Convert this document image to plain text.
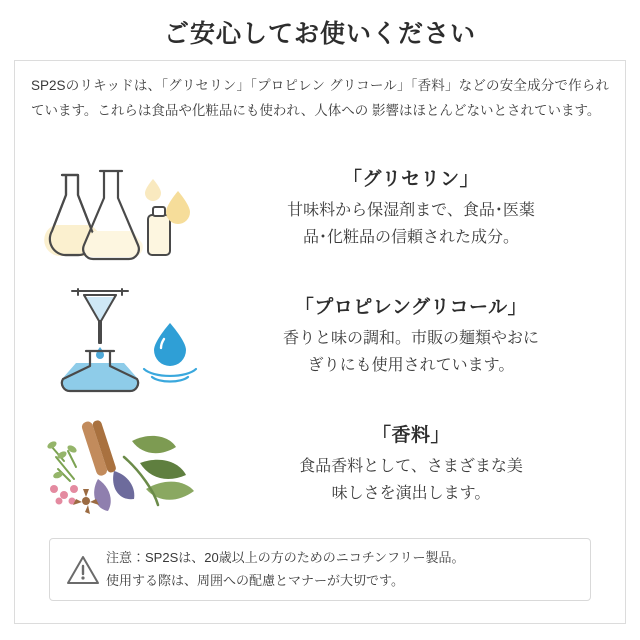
ご安心してお使いください
SP2Sのリキッドは、「グリセリン」「プロピレン グリコール」「香料」などの安全成分で作られています。これらは食品や化粧品にも使われ、人体への 影響はほとんどないとされています。
「グリセリン」
甘味料から保湿剤まで、食品･医薬
品･化粧品の信頼された成分。
「プロピレングリコール」
香りと味の調和。市販の麺類やおに
ぎりにも使用されています。
「香料」
食品香料として、さまざまな美
味しさを演出します。
注意：SP2Sは、20歳以上の方のためのニコチンフリー製品。
使用する際は、周囲への配慮とマナーが大切です。
